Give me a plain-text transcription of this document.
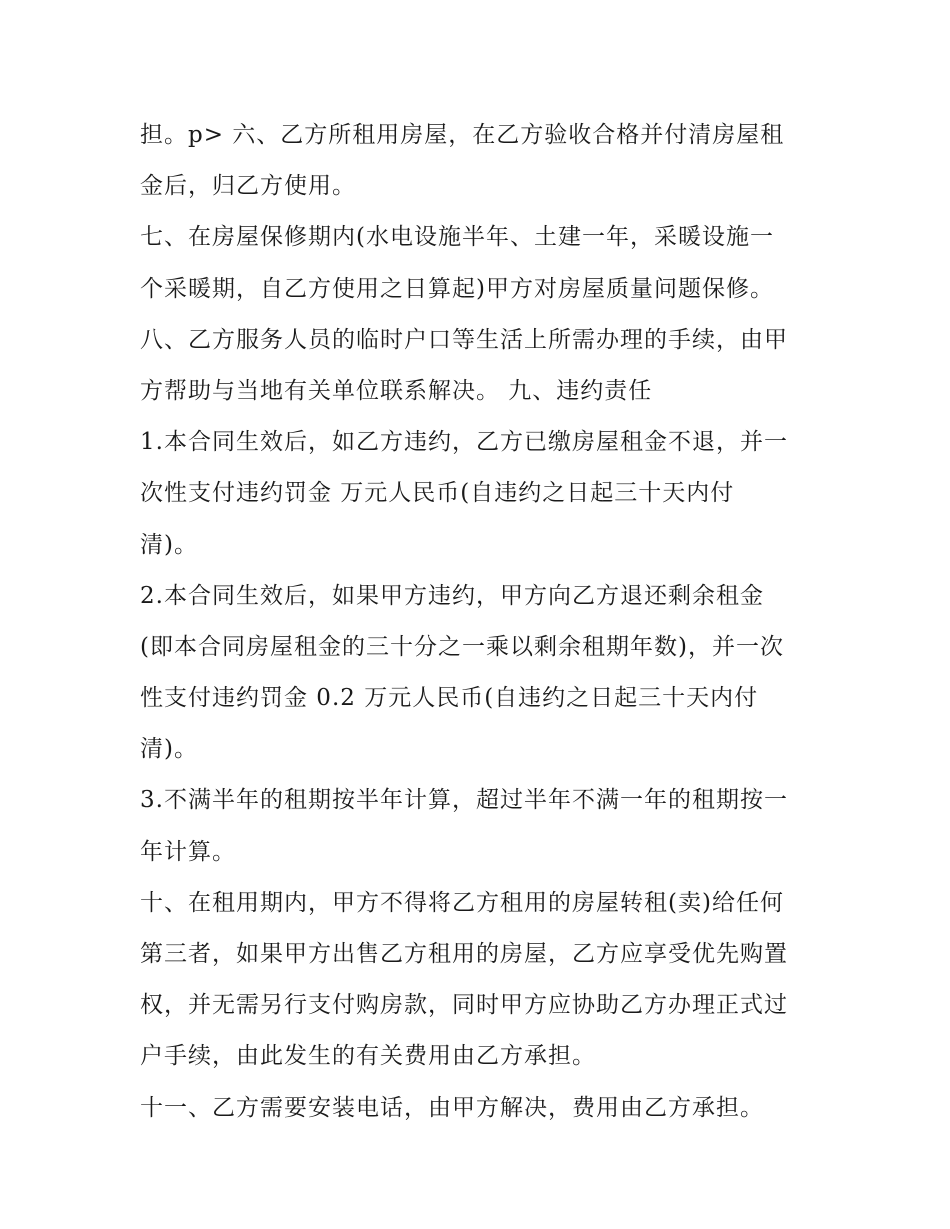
担。p> 六、乙方所租用房屋，在乙方验收合格并付清房屋租
金后，归乙方使用。
七、在房屋保修期内(水电设施半年、土建一年，采暖设施一
个采暖期，自乙方使用之日算起)甲方对房屋质量问题保修。
八、乙方服务人员的临时户口等生活上所需办理的手续，由甲
方帮助与当地有关单位联系解决。 九、违约责任
1.本合同生效后，如乙方违约，乙方已缴房屋租金不退，并一
次性支付违约罚金 万元人民币(自违约之日起三十天内付
清)。
2.本合同生效后，如果甲方违约，甲方向乙方退还剩余租金
(即本合同房屋租金的三十分之一乘以剩余租期年数)，并一次
性支付违约罚金 0.2 万元人民币(自违约之日起三十天内付
清)。
3.不满半年的租期按半年计算，超过半年不满一年的租期按一
年计算。
十、在租用期内，甲方不得将乙方租用的房屋转租(卖)给任何
第三者，如果甲方出售乙方租用的房屋，乙方应享受优先购置
权，并无需另行支付购房款，同时甲方应协助乙方办理正式过
户手续，由此发生的有关费用由乙方承担。
十一、乙方需要安装电话，由甲方解决，费用由乙方承担。
